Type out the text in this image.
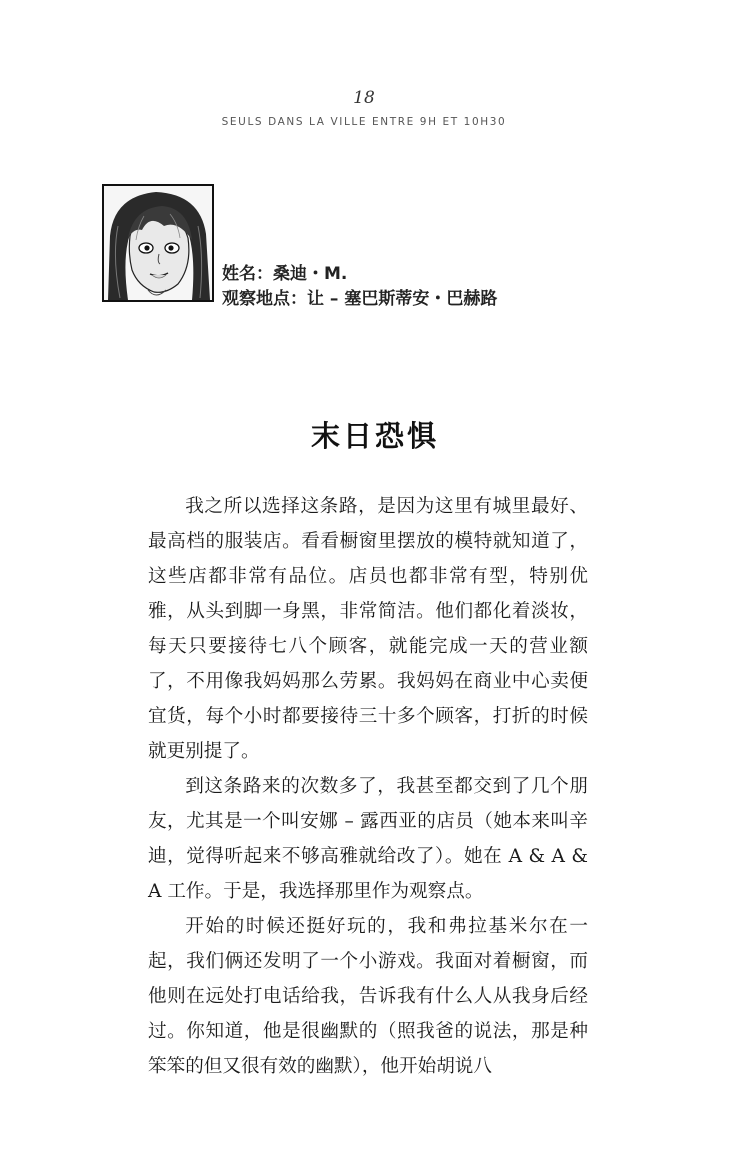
18
SEULS DANS LA VILLE ENTRE 9H ET 10H30
姓名：桑迪・M.
观察地点：让 – 塞巴斯蒂安・巴赫路
末日恐惧

我之所以选择这条路，是因为这里有城里最好、最高档的服装店。看看橱窗里摆放的模特就知道了，这些店都非常有品位。店员也都非常有型，特别优雅，从头到脚一身黑，非常简洁。他们都化着淡妆，每天只要接待七八个顾客，就能完成一天的营业额了，不用像我妈妈那么劳累。我妈妈在商业中心卖便宜货，每个小时都要接待三十多个顾客，打折的时候就更别提了。

到这条路来的次数多了，我甚至都交到了几个朋友，尤其是一个叫安娜 – 露西亚的店员（她本来叫辛迪，觉得听起来不够高雅就给改了）。她在 A & A & A 工作。于是，我选择那里作为观察点。

开始的时候还挺好玩的，我和弗拉基米尔在一起，我们俩还发明了一个小游戏。我面对着橱窗，而他则在远处打电话给我，告诉我有什么人从我身后经过。你知道，他是很幽默的（照我爸的说法，那是种笨笨的但又很有效的幽默），他开始胡说八
